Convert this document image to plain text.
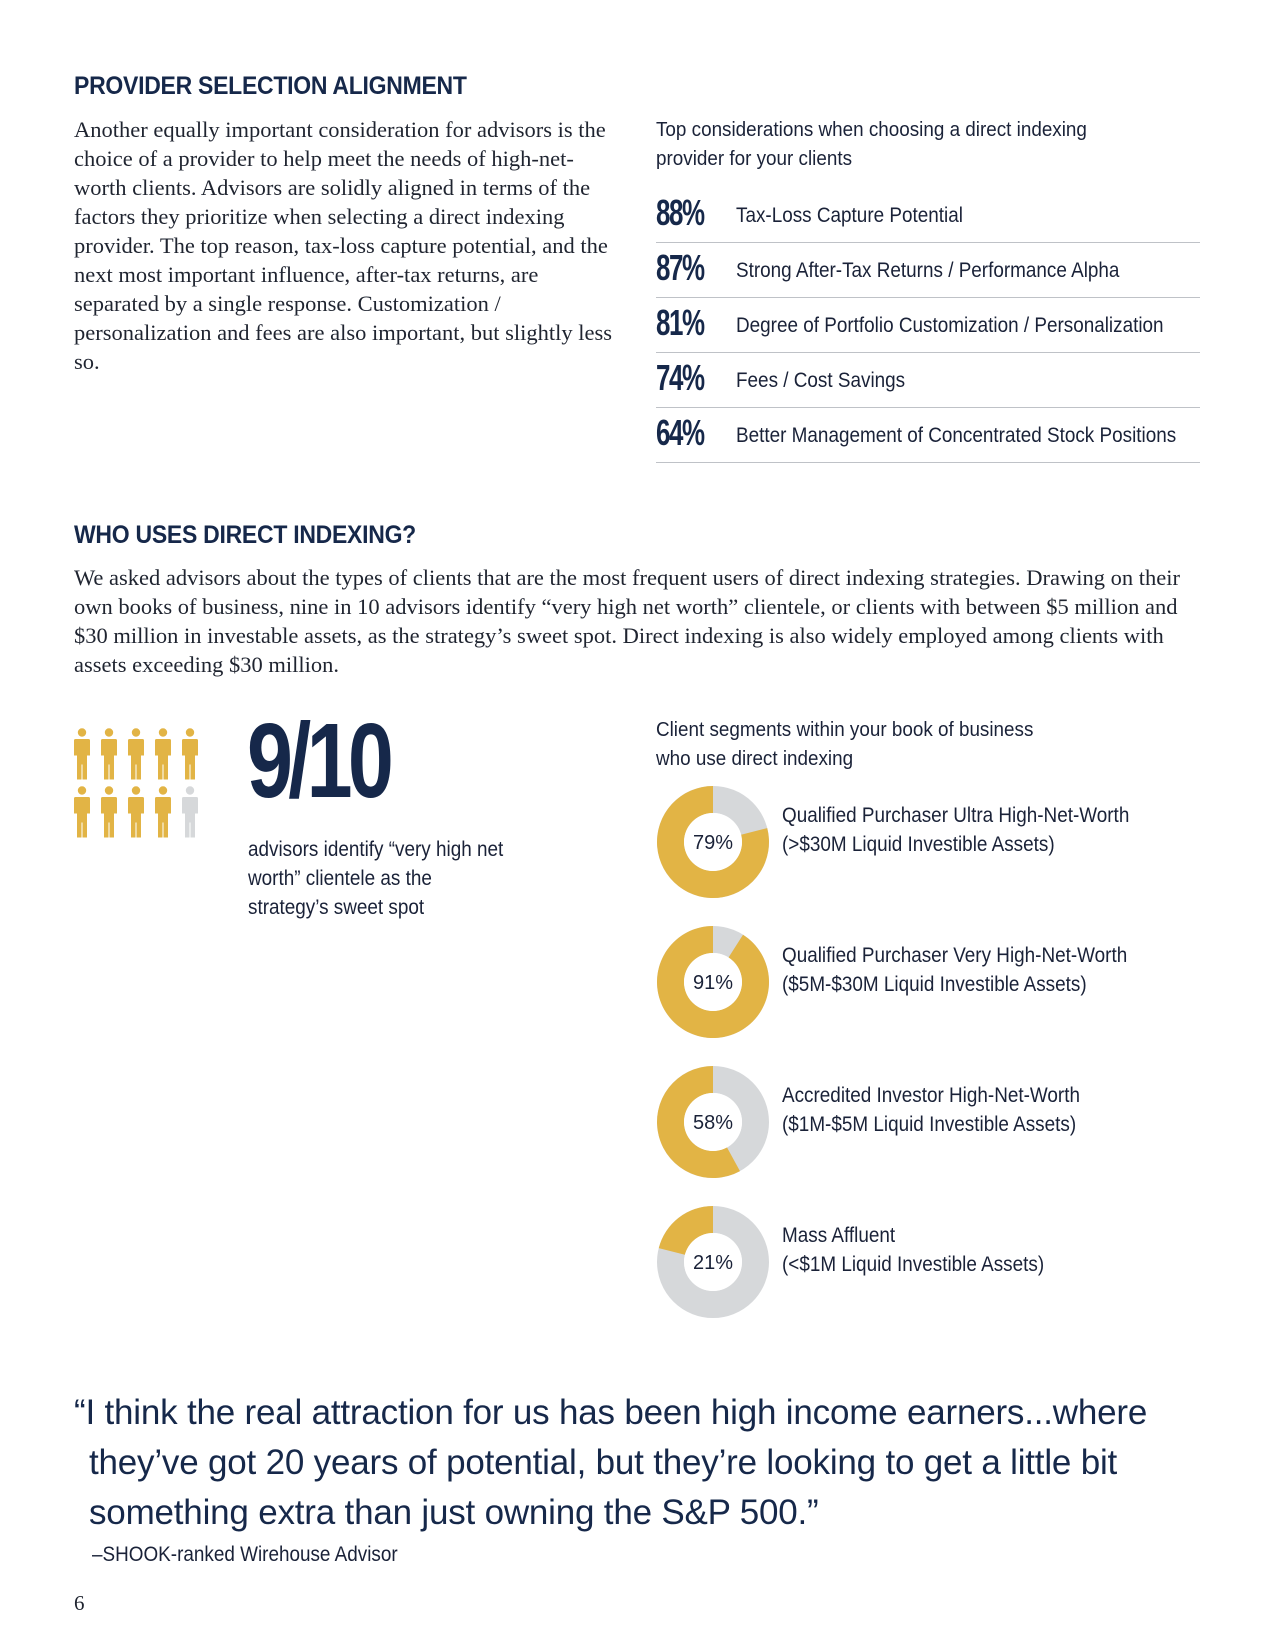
PROVIDER SELECTION ALIGNMENT

Another equally important consideration for advisors is the choice of a provider to help meet the needs of high-net-worth clients. Advisors are solidly aligned in terms of the factors they prioritize when selecting a direct indexing provider. The top reason, tax-loss capture potential, and the next most important influence, after-tax returns, are separated by a single response. Customization / personalization and fees are also important, but slightly less so.

Top considerations when choosing a direct indexing provider for your clients

88% Tax-Loss Capture Potential
87% Strong After-Tax Returns / Performance Alpha
81% Degree of Portfolio Customization / Personalization
74% Fees / Cost Savings
64% Better Management of Concentrated Stock Positions
WHO USES DIRECT INDEXING?

We asked advisors about the types of clients that are the most frequent users of direct indexing strategies. Drawing on their own books of business, nine in 10 advisors identify “very high net worth” clientele, or clients with between $5 million and $30 million in investable assets, as the strategy’s sweet spot. Direct indexing is also widely employed among clients with assets exceeding $30 million.

9/10
advisors identify “very high net worth” clientele as the strategy’s sweet spot
Client segments within your book of business
who use direct indexing
79%
Qualified Purchaser Ultra High-Net-Worth
(>$30M Liquid Investible Assets)
91%
Qualified Purchaser Very High-Net-Worth
($5M-$30M Liquid Investible Assets)
58%
Accredited Investor High-Net-Worth
($1M-$5M Liquid Investible Assets)
21%
Mass Affluent
(<$1M Liquid Investible Assets)
“I think the real attraction for us has been high income earners...where
they’ve got 20 years of potential, but they’re looking to get a little bit
something extra than just owning the S&P 500.”
–SHOOK-ranked Wirehouse Advisor
6
